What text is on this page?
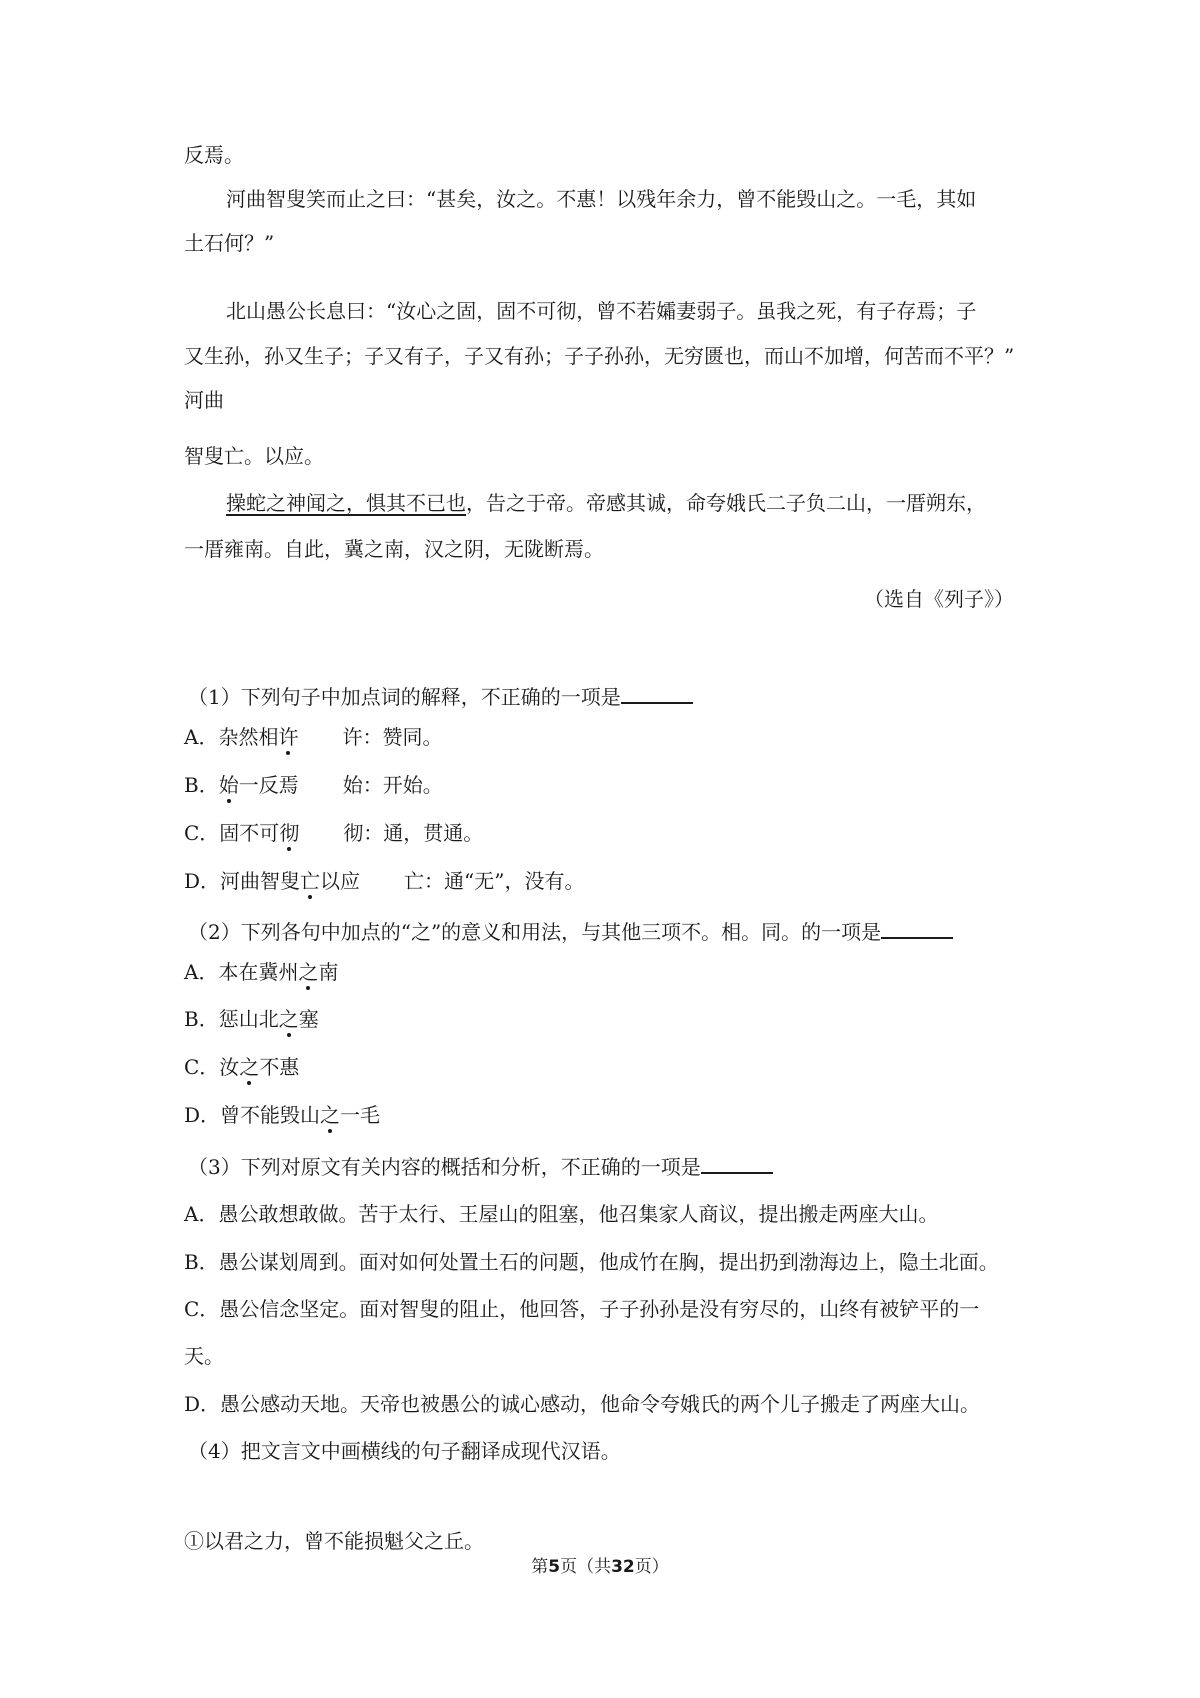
反焉。

河曲智叟笑而止之曰：“甚矣，汝之。不惠！以残年余力，曾不能毁山之。一毛，其如

土石何？”

北山愚公长息曰：“汝心之固，固不可彻，曾不若孀妻弱子。虽我之死，有子存焉；子

又生孙，孙又生子；子又有子，子又有孙；子子孙孙，无穷匮也，而山不加增，何苦而不平？”

河曲

智叟亡。以应。

操蛇之神闻之，惧其不已也，告之于帝。帝感其诚，命夸娥氏二子负二山，一厝朔东，

一厝雍南。自此，冀之南，汉之阴，无陇断焉。

（选自《列子》）

（1）下列句子中加点词的解释，不正确的一项是

A．杂然相许 许：赞同。

B．始一反焉 始：开始。

C．固不可彻 彻：通，贯通。

D．河曲智叟亡以应 亡：通“无”，没有。

（2）下列各句中加点的“之”的意义和用法，与其他三项不。相。同。的一项是

A．本在冀州之南

B．惩山北之塞

C．汝之不惠

D．曾不能毁山之一毛

（3）下列对原文有关内容的概括和分析，不正确的一项是

A．愚公敢想敢做。苦于太行、王屋山的阻塞，他召集家人商议，提出搬走两座大山。

B．愚公谋划周到。面对如何处置土石的问题，他成竹在胸，提出扔到渤海边上，隐土北面。

C．愚公信念坚定。面对智叟的阻止，他回答，子子孙孙是没有穷尽的，山终有被铲平的一

天。

D．愚公感动天地。天帝也被愚公的诚心感动，他命令夸娥氏的两个儿子搬走了两座大山。

（4）把文言文中画横线的句子翻译成现代汉语。

①以君之力，曾不能损魁父之丘。

第5页（共32页）
